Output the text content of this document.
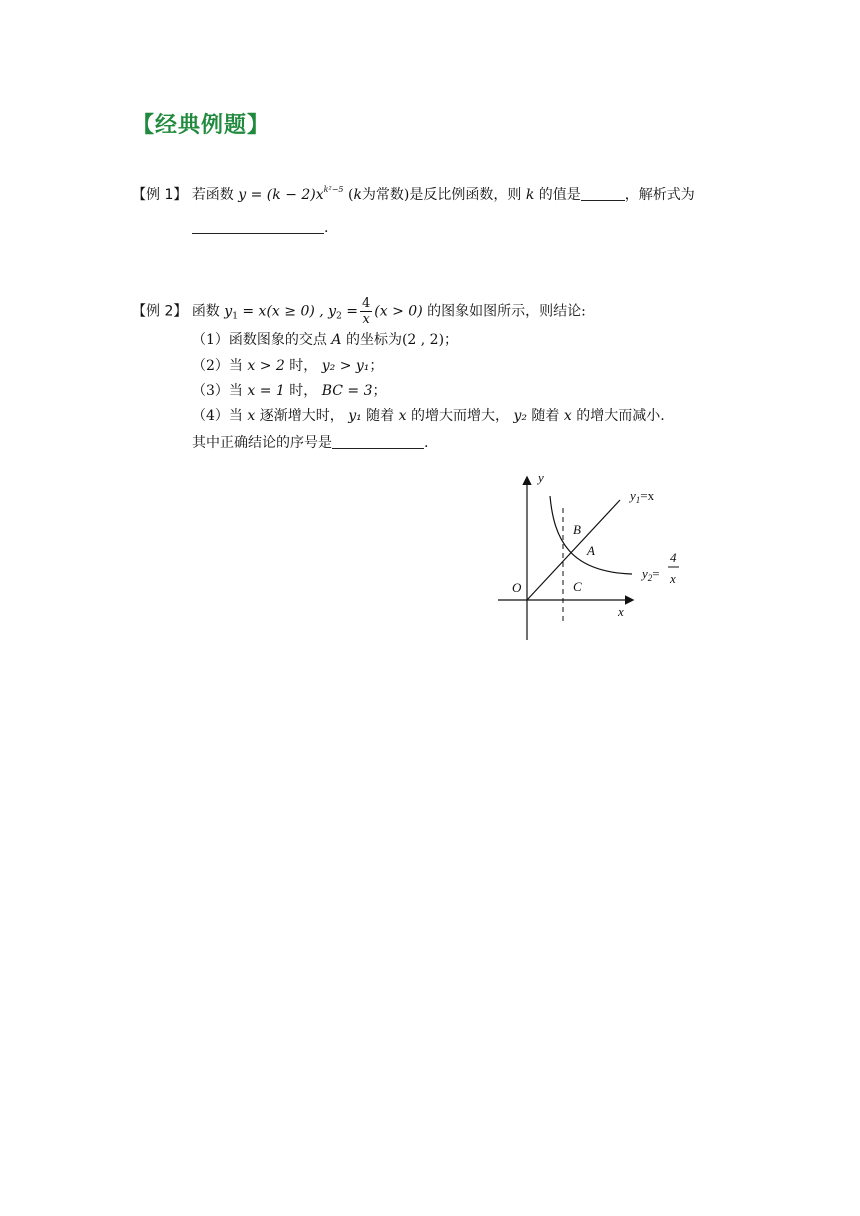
【经典例题】
【例 1】 若函数 $y = (k - 2)x^{k^2-5}$ (k为常数)是反比例函数，则 k 的值是	，解析式为
.
【例 2】 函数 $y_1 = x(x \ge 0)$ , $y_2 = \frac{4}{x} (x > 0)$ 的图象如图所示，则结论:
（1）函数图象的交点 A 的坐标为(2 , 2)；
（2）当 x > 2 时， y₂ > y₁；
（3）当 x = 1 时， BC = 3；
（4）当 x 逐渐增大时， y₁ 随着 x 的增大而增大， y₂ 随着 x 的增大而减小.
其中正确结论的序号是	.
y
x
O
B
A
C
$y_1=x$
$y_2=$
4
x
